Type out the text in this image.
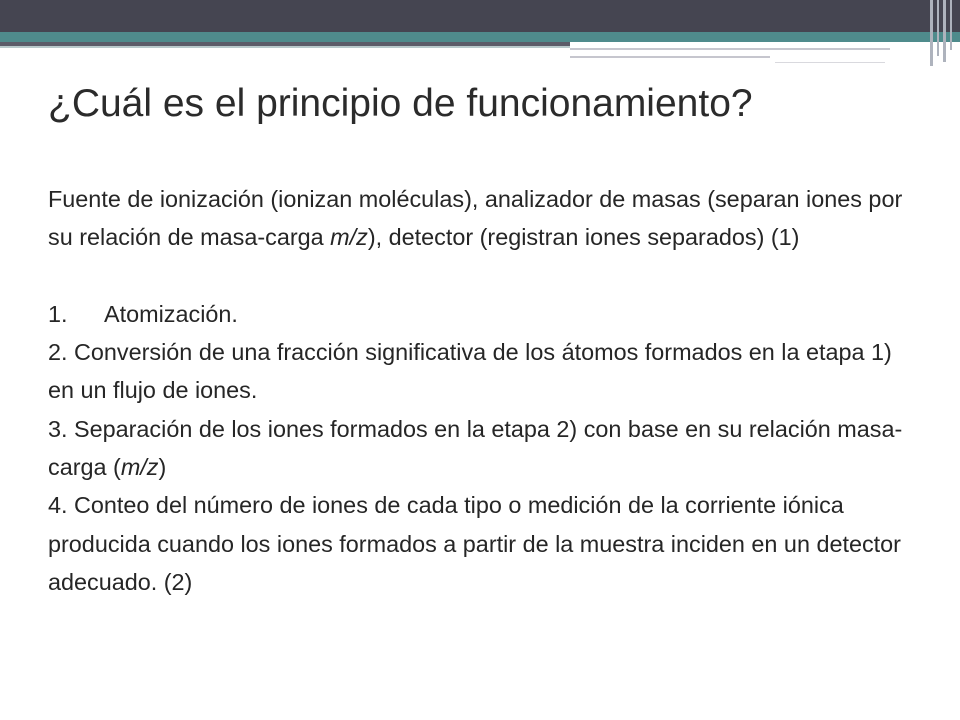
¿Cuál es el principio de funcionamiento?

Fuente de ionización (ionizan moléculas), analizador de masas (separan iones por su relación de masa-carga m/z), detector (registran iones separados) (1)

1. Atomización.

2. Conversión de una fracción significativa de los átomos formados en la etapa 1) en un flujo de iones.

3. Separación de los iones formados en la etapa 2) con base en su relación masa-carga (m/z)

4. Conteo del número de iones de cada tipo o medición de la corriente iónica producida cuando los iones formados a partir de la muestra inciden en un detector adecuado. (2)
